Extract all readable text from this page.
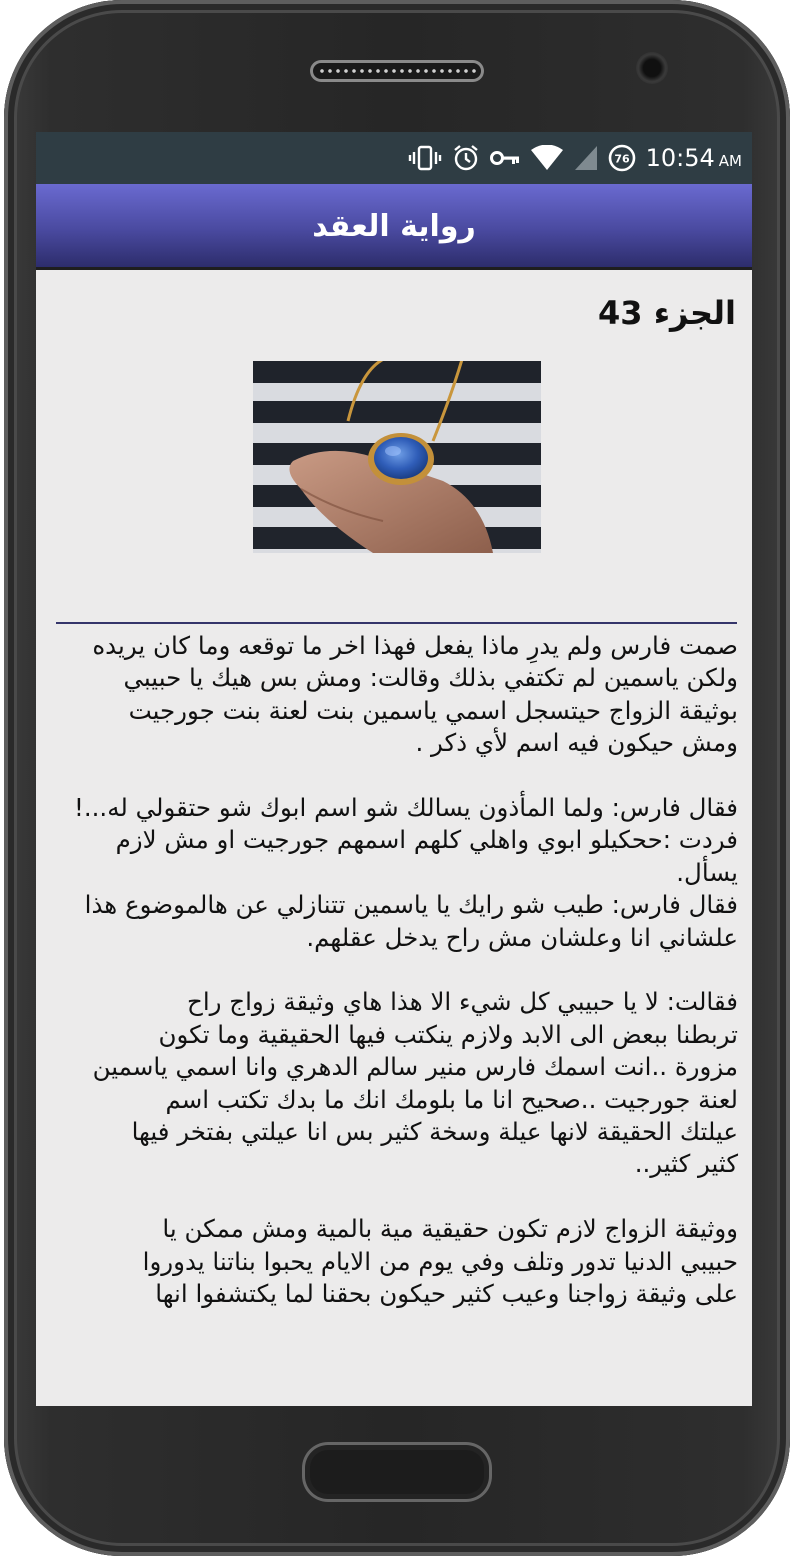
76 10:54 AM
رواية العقد
الجزء 43

صمت فارس ولم يدرِ ماذا يفعل فهذا اخر ما توقعه وما كان يريده
ولكن ياسمين لم تكتفي بذلك وقالت: ومش بس هيك يا حبيبي
بوثيقة الزواج حيتسجل اسمي ياسمين بنت لعنة بنت جورجيت
ومش حيكون فيه اسم لأي ذكر .

فقال فارس: ولما المأذون يسالك شو اسم ابوك شو حتقولي له...!
فردت :ححكيلو ابوي واهلي كلهم اسمهم جورجيت او مش لازم
يسأل.
فقال فارس: طيب شو رايك يا ياسمين تتنازلي عن هالموضوع هذا
علشاني انا وعلشان مش راح يدخل عقلهم.

فقالت: لا يا حبيبي كل شيء الا هذا هاي وثيقة زواج راح
تربطنا ببعض الى الابد ولازم ينكتب فيها الحقيقية وما تكون
مزورة ..انت اسمك فارس منير سالم الدهري وانا اسمي ياسمين
لعنة جورجيت ..صحيح انا ما بلومك انك ما بدك تكتب اسم
عيلتك الحقيقة لانها عيلة وسخة كثير بس انا عيلتي بفتخر فيها
كثير كثير..

ووثيقة الزواج لازم تكون حقيقية مية بالمية ومش ممكن يا
حبيبي الدنيا تدور وتلف وفي يوم من الايام يحبوا بناتنا يدوروا
على وثيقة زواجنا وعيب كثير حيكون بحقنا لما يكتشفوا انها
